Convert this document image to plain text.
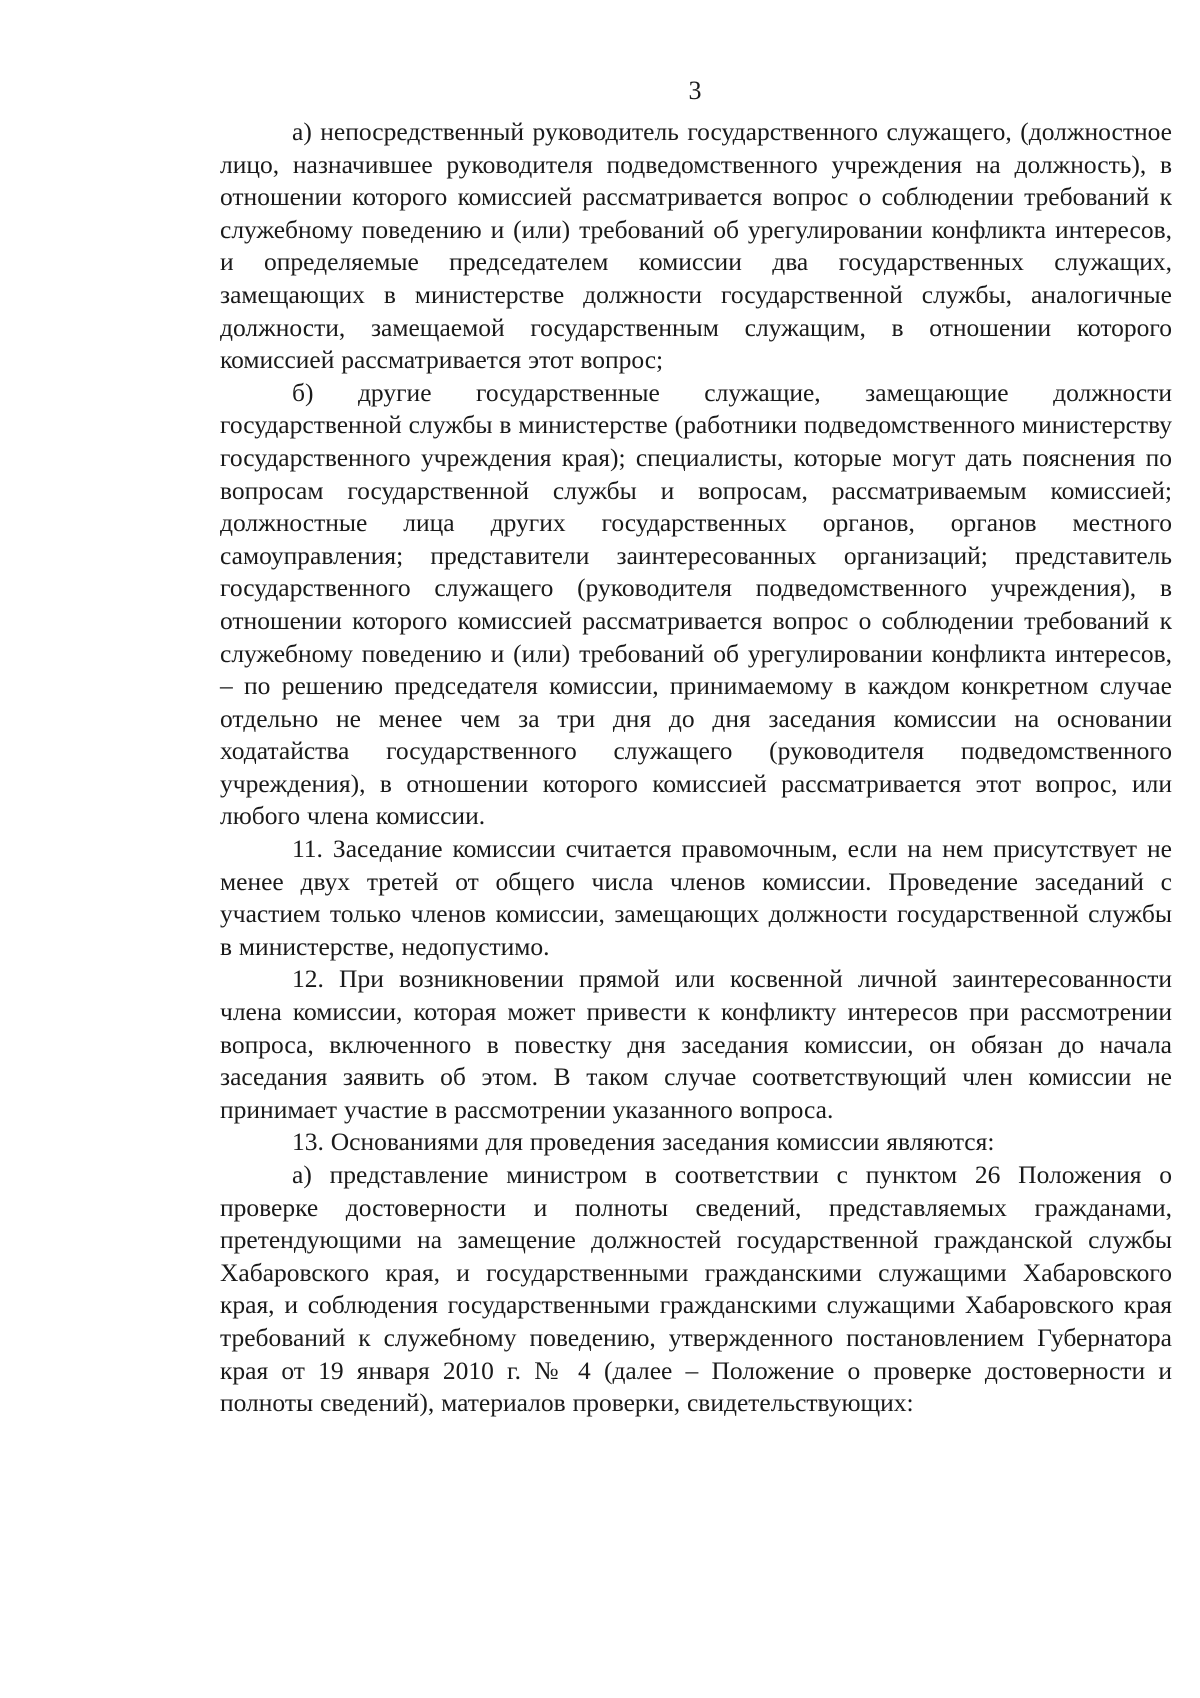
3

а) непосредственный руководитель государственного служащего, (должностное лицо, назначившее руководителя подведомственного учреждения на должность), в отношении которого комиссией рассматривается вопрос о соблюдении требований к служебному поведению и (или) требований об урегулировании конфликта интересов, и определяемые председателем комиссии два государственных служащих, замещающих в министерстве должности государственной службы, аналогичные должности, замещаемой государственным служащим, в отношении которого комиссией рассматривается этот вопрос;

б) другие государственные служащие, замещающие должности государственной службы в министерстве (работники подведомственного министерству государственного учреждения края); специалисты, которые могут дать пояснения по вопросам государственной службы и вопросам, рассматриваемым комиссией; должностные лица других государственных органов, органов местного самоуправления; представители заинтересованных организаций; представитель государственного служащего (руководителя подведомственного учреждения), в отношении которого комиссией рассматривается вопрос о соблюдении требований к служебному поведению и (или) требований об урегулировании конфликта интересов, – по решению председателя комиссии, принимаемому в каждом конкретном случае отдельно не менее чем за три дня до дня заседания комиссии на основании ходатайства государственного служащего (руководителя подведомственного учреждения), в отношении которого комиссией рассматривается этот вопрос, или любого члена комиссии.

11. Заседание комиссии считается правомочным, если на нем присутствует не менее двух третей от общего числа членов комиссии. Проведение заседаний с участием только членов комиссии, замещающих должности государственной службы в министерстве, недопустимо.

12. При возникновении прямой или косвенной личной заинтересованности члена комиссии, которая может привести к конфликту интересов при рассмотрении вопроса, включенного в повестку дня заседания комиссии, он обязан до начала заседания заявить об этом. В таком случае соответствующий член комиссии не принимает участие в рассмотрении указанного вопроса.

13. Основаниями для проведения заседания комиссии являются:

а) представление министром в соответствии с пунктом 26 Положения о проверке достоверности и полноты сведений, представляемых гражданами, претендующими на замещение должностей государственной гражданской службы Хабаровского края, и государственными гражданскими служащими Хабаровского края, и соблюдения государственными гражданскими служащими Хабаровского края требований к служебному поведению, утвержденного постановлением Губернатора края от 19 января 2010 г. № 4 (далее – Положение о проверке достоверности и полноты сведений), материалов проверки, свидетельствующих:
